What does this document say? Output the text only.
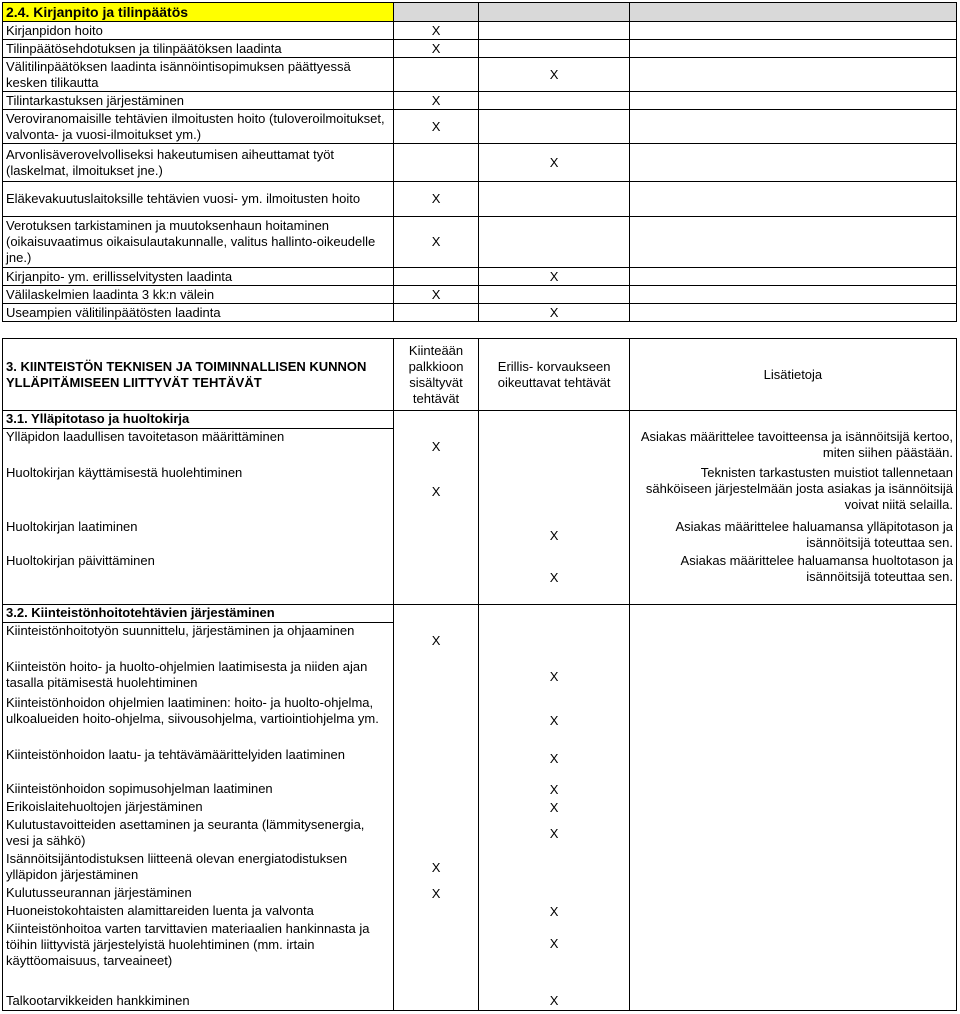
2.4. Kirjanpito ja tilinpäätös			
Kirjanpidon hoito	X		
Tilinpäätösehdotuksen ja tilinpäätöksen laadinta	X		
Välitilinpäätöksen laadinta isännöintisopimuksen päättyessä kesken tilikautta		X	
Tilintarkastuksen järjestäminen	X		
Veroviranomaisille tehtävien ilmoitusten hoito (tuloveroilmoitukset, valvonta- ja vuosi-ilmoitukset ym.)	X		
Arvonlisäverovelvolliseksi hakeutumisen aiheuttamat työt (laskelmat, ilmoitukset jne.)		X	
Eläkevakuutuslaitoksille tehtävien vuosi- ym. ilmoitusten hoito	X		
Verotuksen tarkistaminen ja muutoksenhaun hoitaminen (oikaisuvaatimus oikaisulautakunnalle, valitus hallinto-oikeudelle jne.)	X		
Kirjanpito- ym. erillisselvitysten laadinta		X	
Välilaskelmien laadinta 3 kk:n välein	X		
Useampien välitilinpäätösten laadinta		X	
3. KIINTEISTÖN TEKNISEN JA TOIMINNALLISEN KUNNON YLLÄPITÄMISEEN LIITTYVÄT TEHTÄVÄT	Kiinteään palkkioon sisältyvät tehtävät	Erillis- korvaukseen oikeuttavat tehtävät	Lisätietoja
3.1. Ylläpitotaso ja huoltokirja			
Ylläpidon laadullisen tavoitetason määrittäminen	X		Asiakas määrittelee tavoitteensa ja isännöitsijä kertoo, miten siihen päästään.
Huoltokirjan käyttämisestä huolehtiminen	X		Teknisten tarkastusten muistiot tallennetaan sähköiseen järjestelmään josta asiakas ja isännöitsijä voivat niitä selailla.
Huoltokirjan laatiminen		X	Asiakas määrittelee haluamansa ylläpitotason ja isännöitsijä toteuttaa sen.
Huoltokirjan päivittäminen		X	Asiakas määrittelee haluamansa huoltotason ja isännöitsijä toteuttaa sen.
3.2. Kiinteistönhoitotehtävien järjestäminen			
Kiinteistönhoitotyön suunnittelu, järjestäminen ja ohjaaminen	X		
Kiinteistön hoito- ja huolto-ohjelmien laatimisesta ja niiden ajan tasalla pitämisestä huolehtiminen		X	
Kiinteistönhoidon ohjelmien laatiminen: hoito- ja huolto-ohjelma, ulkoalueiden hoito-ohjelma, siivousohjelma, vartiointiohjelma ym.		X	
Kiinteistönhoidon laatu- ja tehtävämäärittelyiden laatiminen		X	
Kiinteistönhoidon sopimusohjelman laatiminen		X	
Erikoislaitehuoltojen järjestäminen		X	
Kulutustavoitteiden asettaminen ja seuranta (lämmitysenergia, vesi ja sähkö)		X	
Isännöitsijäntodistuksen liitteenä olevan energiatodistuksen ylläpidon järjestäminen	X		
Kulutusseurannan järjestäminen	X		
Huoneistokohtaisten alamittareiden luenta ja valvonta		X	
Kiinteistönhoitoa varten tarvittavien materiaalien hankinnasta ja töihin liittyvistä järjestelyistä huolehtiminen (mm. irtain käyttöomaisuus, tarveaineet)		X	
Talkootarvikkeiden hankkiminen		X	
